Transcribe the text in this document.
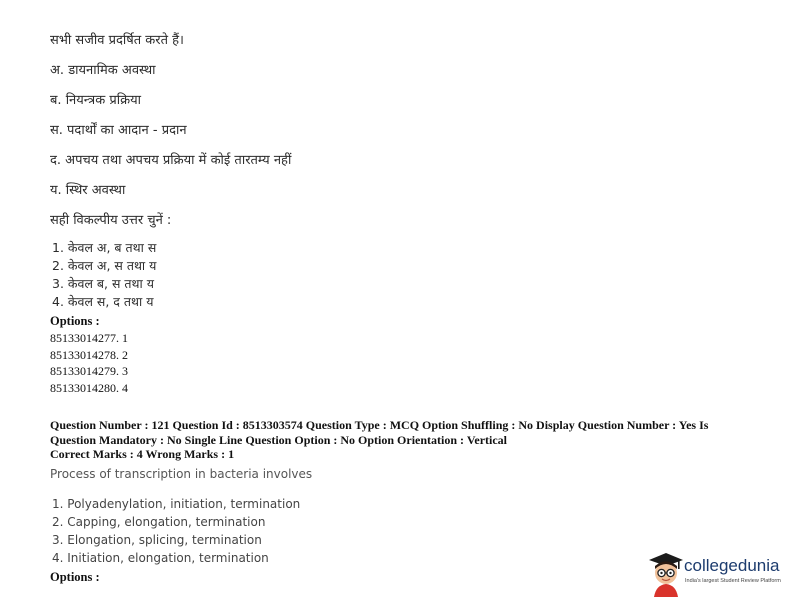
सभी सजीव प्रदर्षित करते हैं।
अ. डायनामिक अवस्था
ब. नियन्त्रक प्रक्रिया
स. पदार्थों का आदान - प्रदान
द. अपचय तथा अपचय प्रक्रिया में कोई तारतम्य नहीं
य. स्थिर अवस्था
सही विकल्पीय उत्तर चुनें :
1. केवल अ, ब तथा स
2. केवल अ, स तथा य
3. केवल ब, स तथा य
4. केवल स, द तथा य
Options :
85133014277. 1
85133014278. 2
85133014279. 3
85133014280. 4
Question Number : 121 Question Id : 8513303574 Question Type : MCQ Option Shuffling : No Display Question Number : Yes Is
Question Mandatory : No Single Line Question Option : No Option Orientation : Vertical
Correct Marks : 4 Wrong Marks : 1
Process of transcription in bacteria involves
1. Polyadenylation, initiation, termination
2. Capping, elongation, termination
3. Elongation, splicing, termination
4. Initiation, elongation, termination
Options :
collegedunia
India's largest Student Review Platform
